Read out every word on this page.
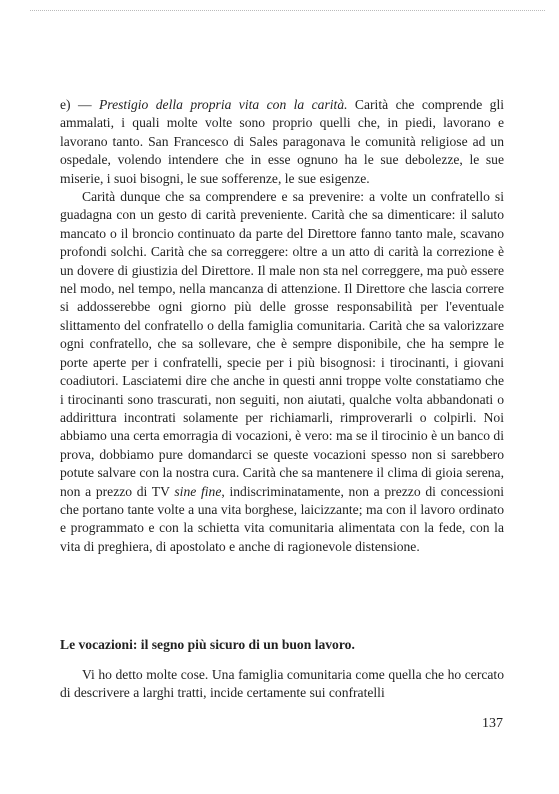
e) — Prestigio della propria vita con la carità. Carità che comprende gli ammalati, i quali molte volte sono proprio quelli che, in piedi, lavorano e lavorano tanto. San Francesco di Sales paragonava le comunità religiose ad un ospedale, volendo intendere che in esse ognuno ha le sue debolezze, le sue miserie, i suoi bisogni, le sue sofferenze, le sue esigenze.

Carità dunque che sa comprendere e sa prevenire: a volte un confratello si guadagna con un gesto di carità preveniente. Carità che sa dimenticare: il saluto mancato o il broncio continuato da parte del Direttore fanno tanto male, scavano profondi solchi. Carità che sa correggere: oltre a un atto di carità la correzione è un dovere di giustizia del Direttore. Il male non sta nel correggere, ma può essere nel modo, nel tempo, nella mancanza di attenzione. Il Direttore che lascia correre si addosserebbe ogni giorno più delle grosse responsabilità per l'eventuale slittamento del confratello o della famiglia comunitaria. Carità che sa valorizzare ogni confratello, che sa sollevare, che è sempre disponibile, che ha sempre le porte aperte per i confratelli, specie per i più bisognosi: i tirocinanti, i giovani coadiutori. Lasciatemi dire che anche in questi anni troppe volte constatiamo che i tirocinanti sono trascurati, non seguiti, non aiutati, qualche volta abbandonati o addirittura incontrati solamente per richiamarli, rimproverarli o colpirli. Noi abbiamo una certa emorragia di vocazioni, è vero: ma se il tirocinio è un banco di prova, dobbiamo pure domandarci se queste vocazioni spesso non si sarebbero potute salvare con la nostra cura. Carità che sa mantenere il clima di gioia serena, non a prezzo di TV sine fine, indiscriminatamente, non a prezzo di concessioni che portano tante volte a una vita borghese, laicizzante; ma con il lavoro ordinato e programmato e con la schietta vita comunitaria alimentata con la fede, con la vita di preghiera, di apostolato e anche di ragionevole distensione.

Le vocazioni: il segno più sicuro di un buon lavoro.

Vi ho detto molte cose. Una famiglia comunitaria come quella che ho cercato di descrivere a larghi tratti, incide certamente sui confratelli

137
